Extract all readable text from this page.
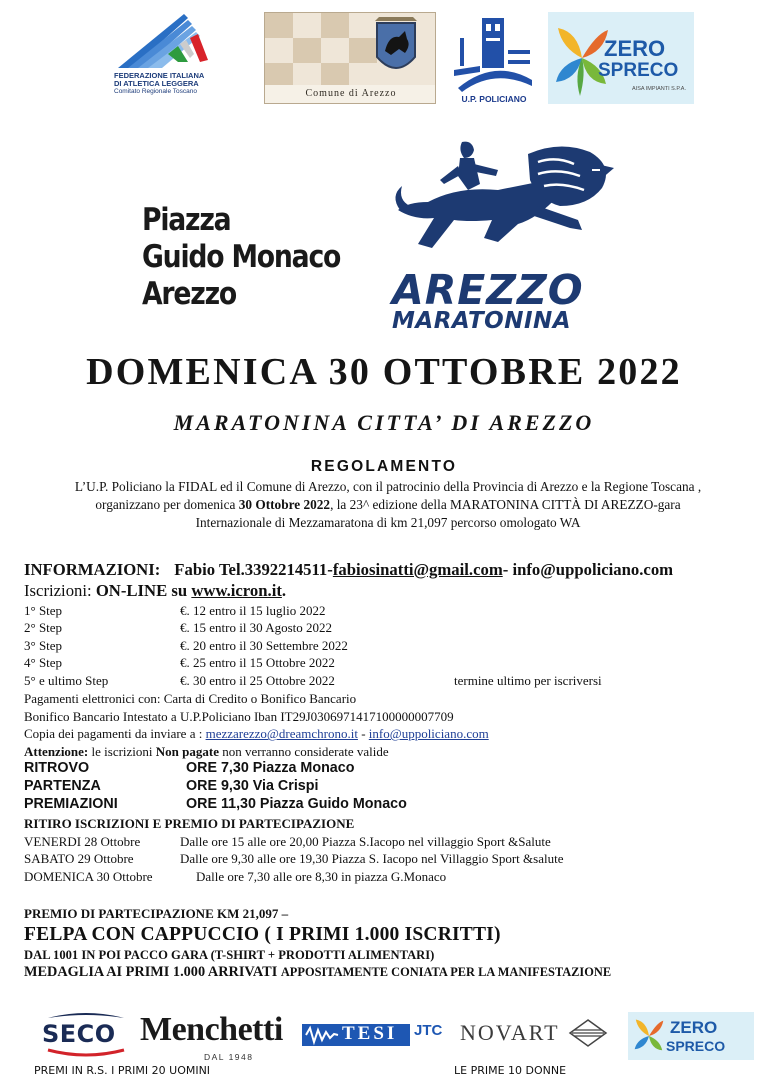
FEDERAZIONE ITALIANA
DI ATLETICA LEGGERA
Comitato Regionale Toscano	Comune di Arezzo	U.P. POLICIANO
ZERO
SPRECO
AISA IMPIANTI S.P.A.
Piazza
Guido Monaco
Arezzo	AREZZO
MARATONINA
DOMENICA 30 OTTOBRE 2022
MARATONINA CITTA’ DI AREZZO
REGOLAMENTO
L’U.P. Policiano la FIDAL ed il Comune di Arezzo, con il patrocinio della Provincia di Arezzo e la Regione Toscana ,
organizzano per domenica 30 Ottobre 2022, la 23^ edizione della MARATONINA CITTÀ DI AREZZO-gara
Internazionale di Mezzamaratona di km 21,097 percorso omologato WA
INFORMAZIONI: Fabio Tel.3392214511-fabiosinatti@gmail.com- info@uppoliciano.com
Iscrizioni: ON-LINE su www.icron.it.
1° Step	€. 12 entro il 15 luglio 2022
2° Step	€. 15 entro il 30 Agosto 2022
3° Step	€. 20 entro il 30 Settembre 2022
4° Step	€. 25 entro il 15 Ottobre 2022
5° e ultimo Step	€. 30 entro il 25 Ottobre 2022	termine ultimo per iscriversi
Pagamenti elettronici con: Carta di Credito o Bonifico Bancario
Bonifico Bancario Intestato a U.P.Policiano Iban IT29J0306971417100000007709
Copia dei pagamenti da inviare a : mezzarezzo@dreamchrono.it - info@uppoliciano.com
Attenzione: le iscrizioni Non pagate non verranno considerate valide
RITROVO	ORE 7,30 Piazza Monaco
PARTENZA	ORE 9,30 Via Crispi
PREMIAZIONI	ORE 11,30 Piazza Guido Monaco
RITIRO ISCRIZIONI E PREMIO DI PARTECIPAZIONE
VENERDI 28 Ottobre	Dalle ore 15 alle ore 20,00 Piazza S.Iacopo nel villaggio Sport &Salute
SABATO 29 Ottobre	Dalle ore 9,30 alle ore 19,30 Piazza S. Iacopo nel Villaggio Sport &salute
DOMENICA 30 Ottobre	Dalle ore 7,30 alle ore 8,30 in piazza G.Monaco
PREMIO DI PARTECIPAZIONE KM 21,097 –
FELPA CON CAPPUCCIO ( I PRIMI 1.000 ISCRITTI)
DAL 1001 IN POI PACCO GARA (T-SHIRT + PRODOTTI ALIMENTARI)
MEDAGLIA AI PRIMI 1.000 ARRIVATI APPOSITAMENTE CONIATA PER LA MANIFESTAZIONE
SECO Menchetti
DAL 1948
TESI JTC NOVART	ZERO
SPRECO
PREMI IN R.S. I PRIMI 20 UOMINI	LE PRIME 10 DONNE
